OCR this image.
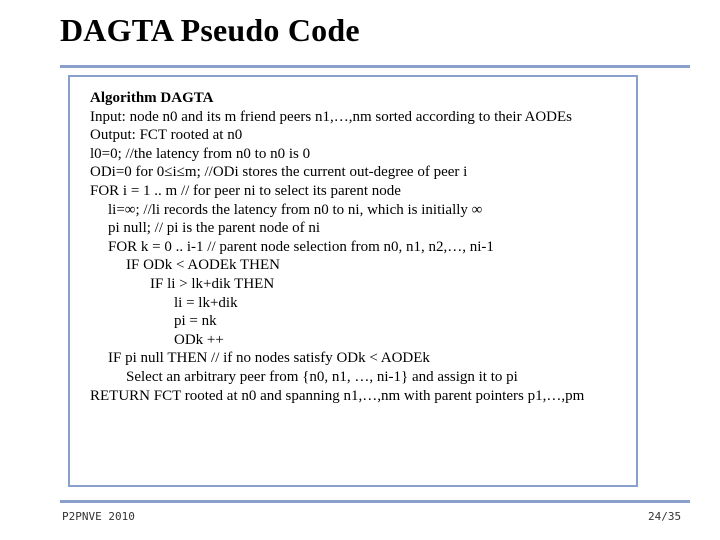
DAGTA Pseudo Code
Algorithm DAGTA
Input: node n0 and its m friend peers n1,…,nm sorted according to their AODEs
Output: FCT rooted at n0
l0=0; //the latency from n0 to n0 is 0
ODi=0 for 0≤i≤m; //ODi stores the current out-degree of peer i
FOR i = 1 .. m // for peer ni to select its parent node
li=∞; //li records the latency from n0 to ni, which is initially ∞
pi null; // pi is the parent node of ni
FOR k = 0 .. i-1 // parent node selection from n0, n1, n2,…, ni-1
IF ODk < AODEk THEN
IF li > lk+dik THEN
li = lk+dik
pi = nk
ODk ++
IF pi null THEN // if no nodes satisfy ODk < AODEk
Select an arbitrary peer from {n0, n1, …, ni-1} and assign it to pi
RETURN FCT rooted at n0 and spanning n1,…,nm with parent pointers p1,…,pm
P2PNVE 2010	24/35
